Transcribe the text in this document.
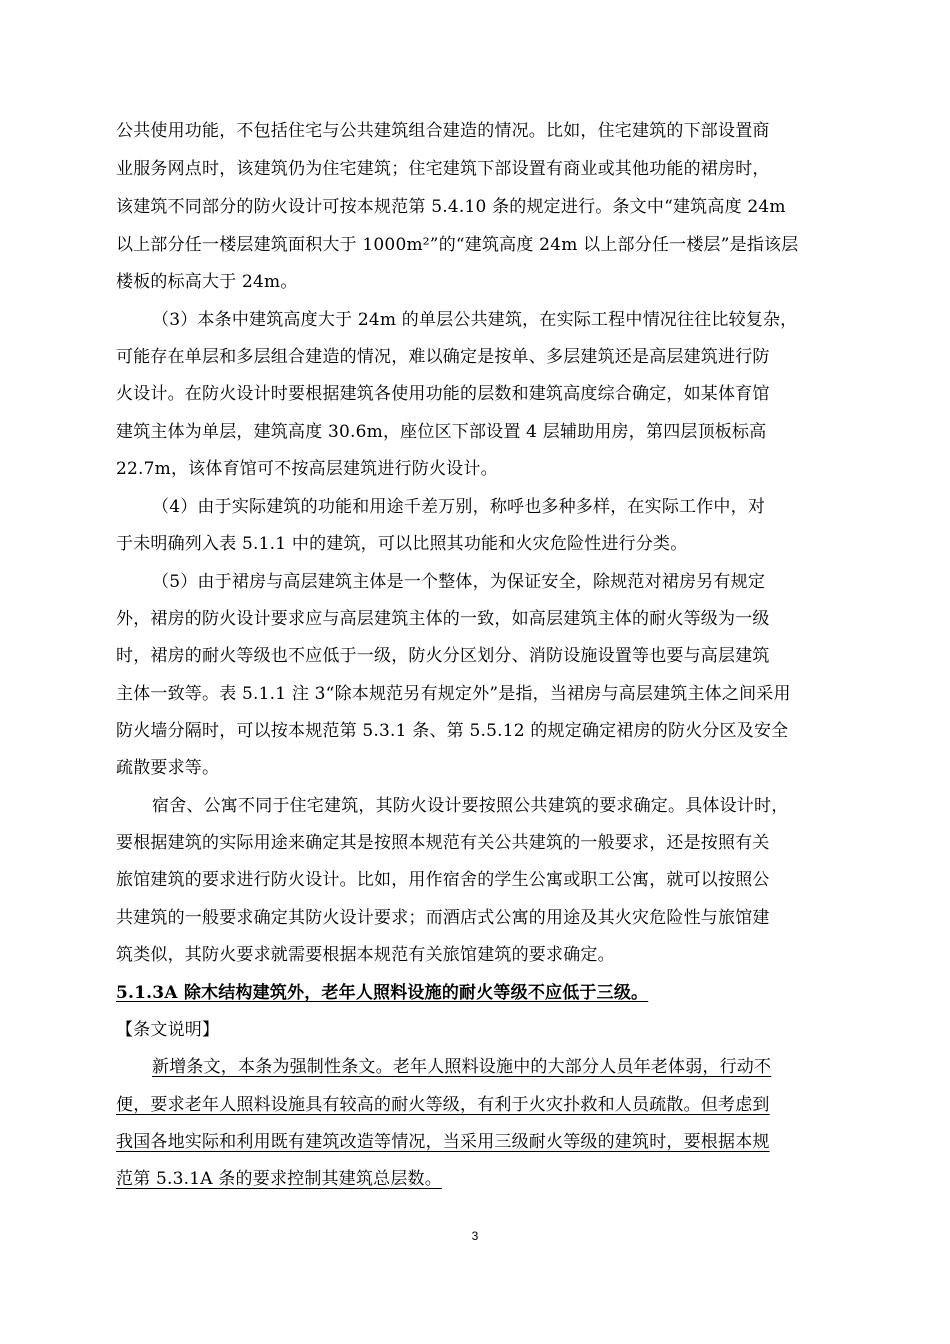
公共使用功能，不包括住宅与公共建筑组合建造的情况。比如，住宅建筑的下部设置商
业服务网点时，该建筑仍为住宅建筑；住宅建筑下部设置有商业或其他功能的裙房时，
该建筑不同部分的防火设计可按本规范第 5.4.10 条的规定进行。条文中“建筑高度 24m
以上部分任一楼层建筑面积大于 1000m²”的“建筑高度 24m 以上部分任一楼层”是指该层
楼板的标高大于 24m。
（3）本条中建筑高度大于 24m 的单层公共建筑，在实际工程中情况往往比较复杂，
可能存在单层和多层组合建造的情况，难以确定是按单、多层建筑还是高层建筑进行防
火设计。在防火设计时要根据建筑各使用功能的层数和建筑高度综合确定，如某体育馆
建筑主体为单层，建筑高度 30.6m，座位区下部设置 4 层辅助用房，第四层顶板标高
22.7m，该体育馆可不按高层建筑进行防火设计。
（4）由于实际建筑的功能和用途千差万别，称呼也多种多样，在实际工作中，对
于未明确列入表 5.1.1 中的建筑，可以比照其功能和火灾危险性进行分类。
（5）由于裙房与高层建筑主体是一个整体，为保证安全，除规范对裙房另有规定
外，裙房的防火设计要求应与高层建筑主体的一致，如高层建筑主体的耐火等级为一级
时，裙房的耐火等级也不应低于一级，防火分区划分、消防设施设置等也要与高层建筑
主体一致等。表 5.1.1 注 3“除本规范另有规定外”是指，当裙房与高层建筑主体之间采用
防火墙分隔时，可以按本规范第 5.3.1 条、第 5.5.12 的规定确定裙房的防火分区及安全
疏散要求等。
宿舍、公寓不同于住宅建筑，其防火设计要按照公共建筑的要求确定。具体设计时，
要根据建筑的实际用途来确定其是按照本规范有关公共建筑的一般要求，还是按照有关
旅馆建筑的要求进行防火设计。比如，用作宿舍的学生公寓或职工公寓，就可以按照公
共建筑的一般要求确定其防火设计要求；而酒店式公寓的用途及其火灾危险性与旅馆建
筑类似，其防火要求就需要根据本规范有关旅馆建筑的要求确定。
5.1.3A 除木结构建筑外，老年人照料设施的耐火等级不应低于三级。
【条文说明】
新增条文，本条为强制性条文。老年人照料设施中的大部分人员年老体弱，行动不
便，要求老年人照料设施具有较高的耐火等级，有利于火灾扑救和人员疏散。但考虑到
我国各地实际和利用既有建筑改造等情况，当采用三级耐火等级的建筑时，要根据本规
范第 5.3.1A 条的要求控制其建筑总层数。
3
